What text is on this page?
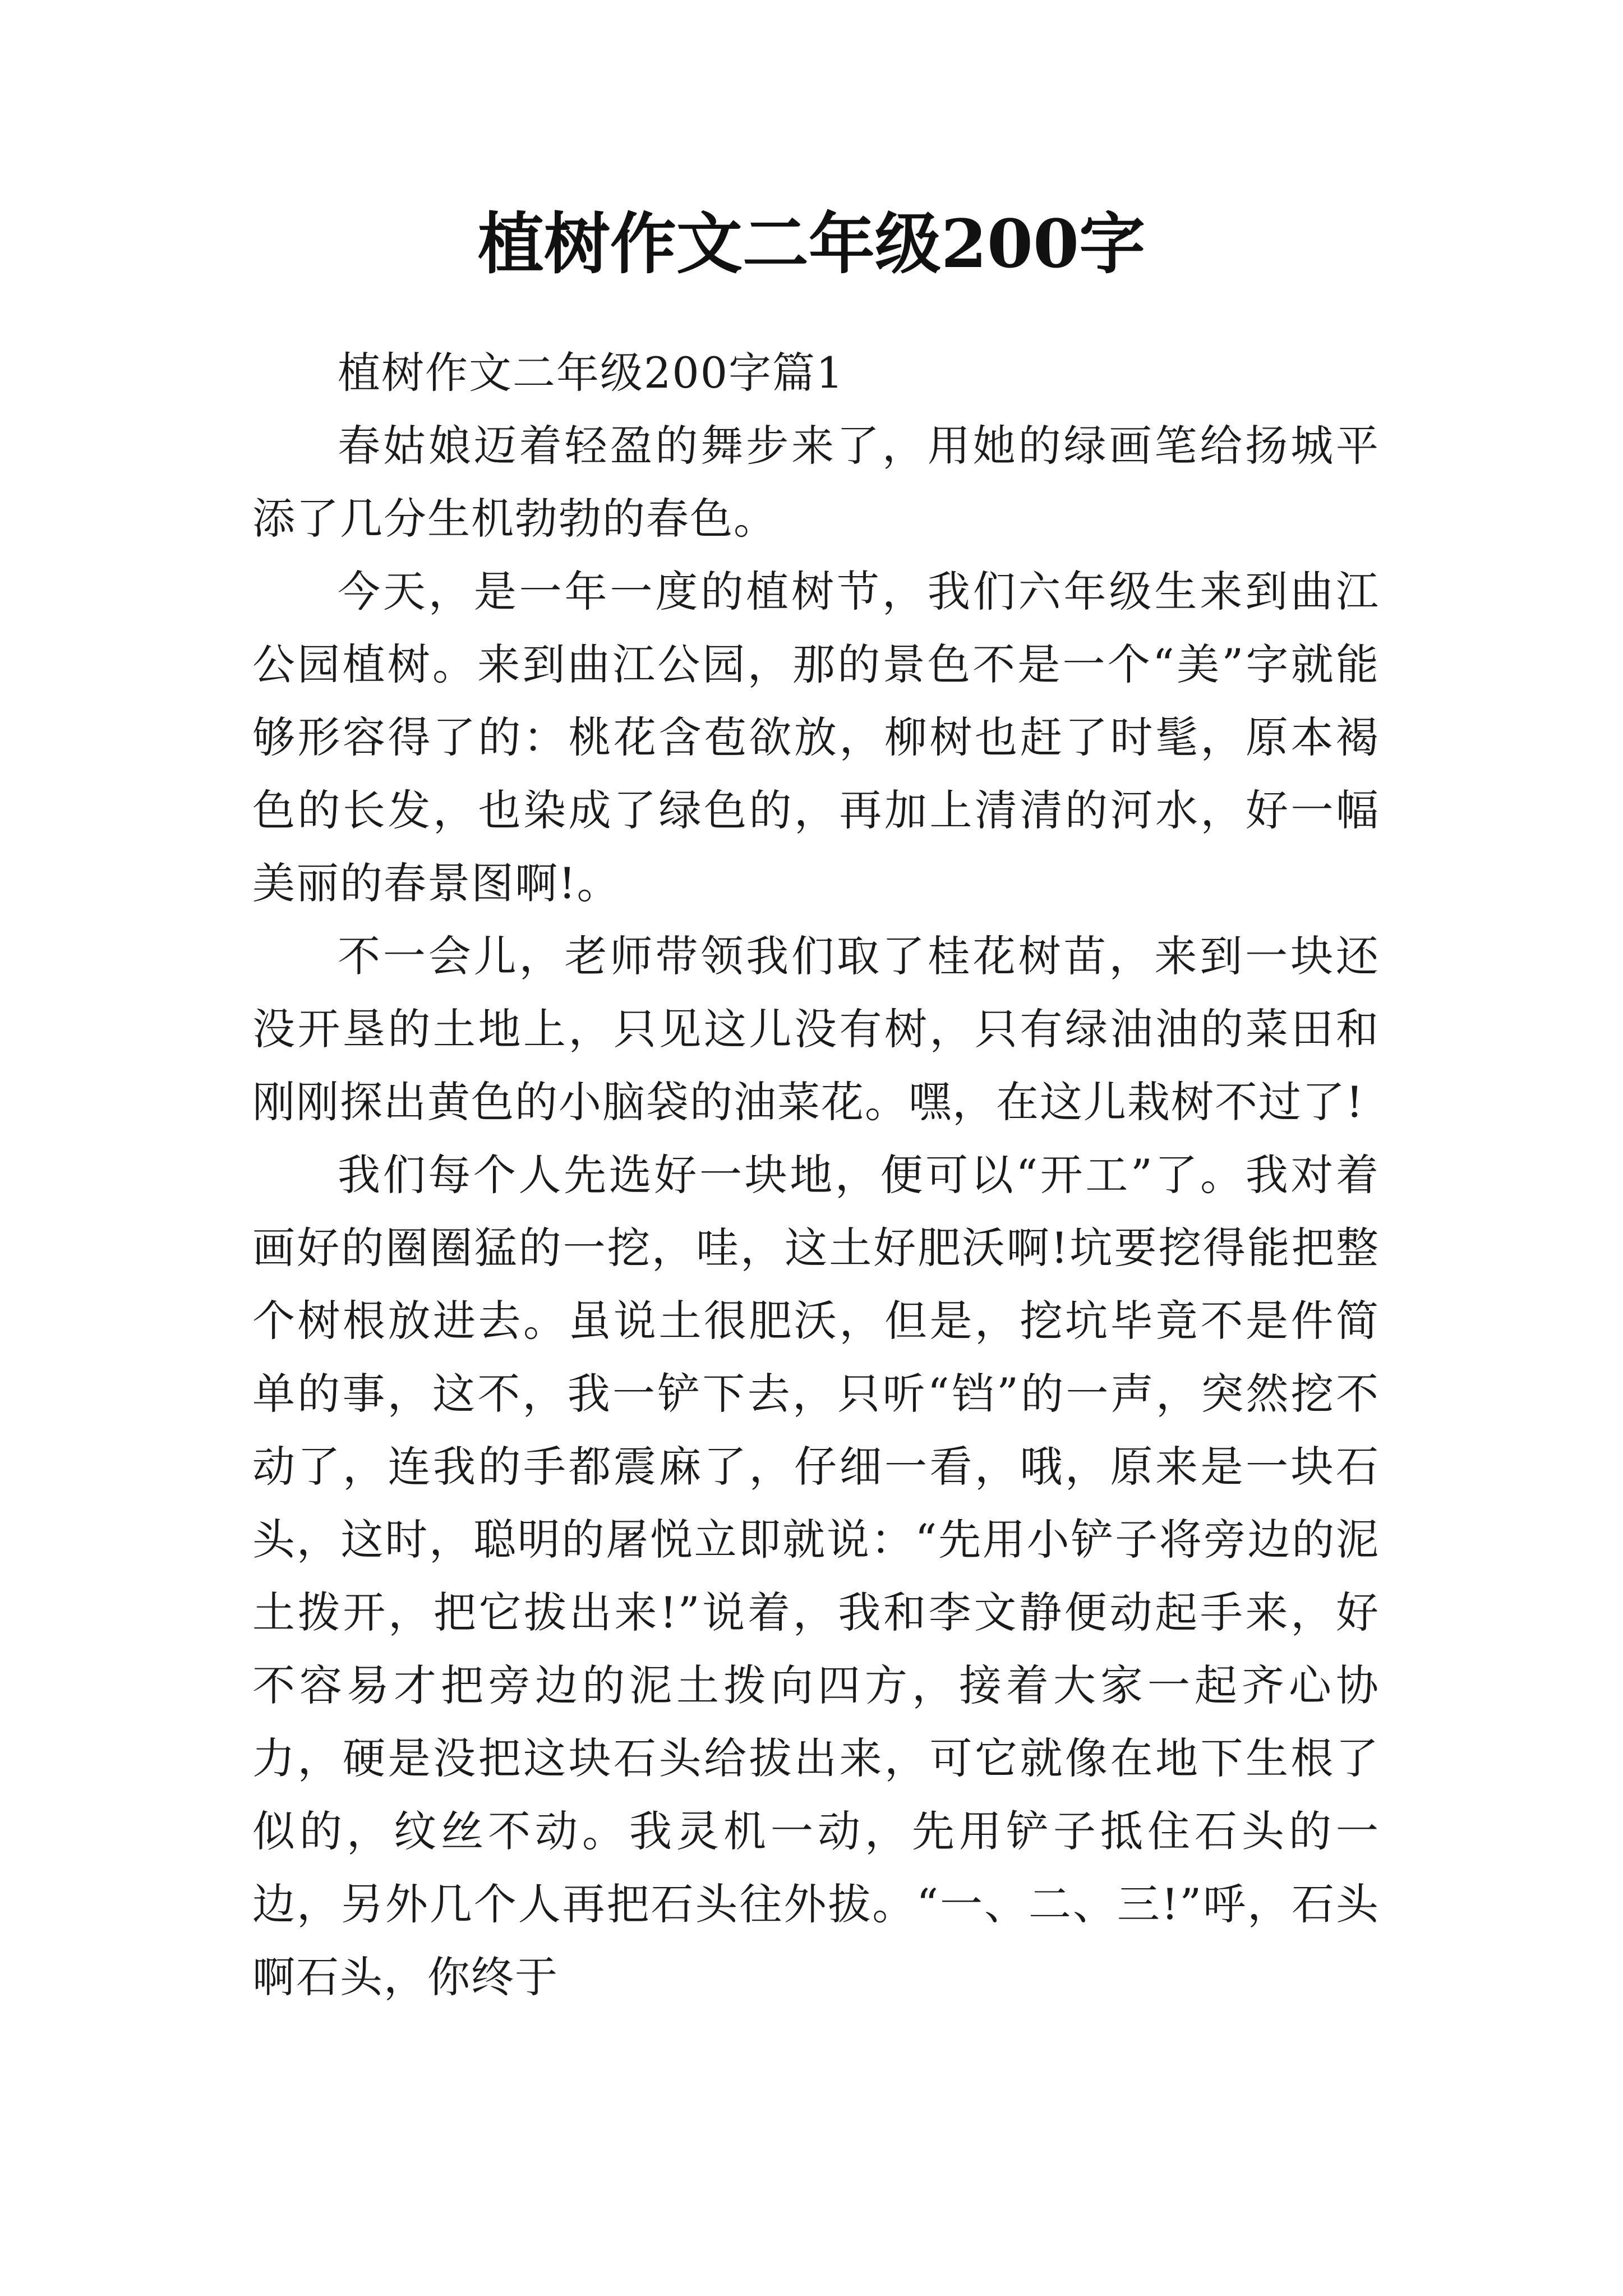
植树作文二年级200字

植树作文二年级200字篇1

春姑娘迈着轻盈的舞步来了，用她的绿画笔给扬城平添了几分生机勃勃的春色。

今天，是一年一度的植树节，我们六年级生来到曲江公园植树。来到曲江公园，那的景色不是一个“美”字就能够形容得了的：桃花含苞欲放，柳树也赶了时髦，原本褐色的长发，也染成了绿色的，再加上清清的河水，好一幅美丽的春景图啊!。

不一会儿，老师带领我们取了桂花树苗，来到一块还没开垦的土地上，只见这儿没有树，只有绿油油的菜田和刚刚探出黄色的小脑袋的油菜花。嘿，在这儿栽树不过了!

我们每个人先选好一块地，便可以“开工”了。我对着画好的圈圈猛的一挖，哇，这土好肥沃啊!坑要挖得能把整个树根放进去。虽说土很肥沃，但是，挖坑毕竟不是件简单的事，这不，我一铲下去，只听“铛”的一声，突然挖不动了，连我的手都震麻了，仔细一看，哦，原来是一块石头，这时，聪明的屠悦立即就说：“先用小铲子将旁边的泥土拨开，把它拔出来!”说着，我和李文静便动起手来，好不容易才把旁边的泥土拨向四方，接着大家一起齐心协力，硬是没把这块石头给拔出来，可它就像在地下生根了似的，纹丝不动。我灵机一动，先用铲子抵住石头的一边，另外几个人再把石头往外拔。“一、二、三!”呼，石头啊石头，你终于
